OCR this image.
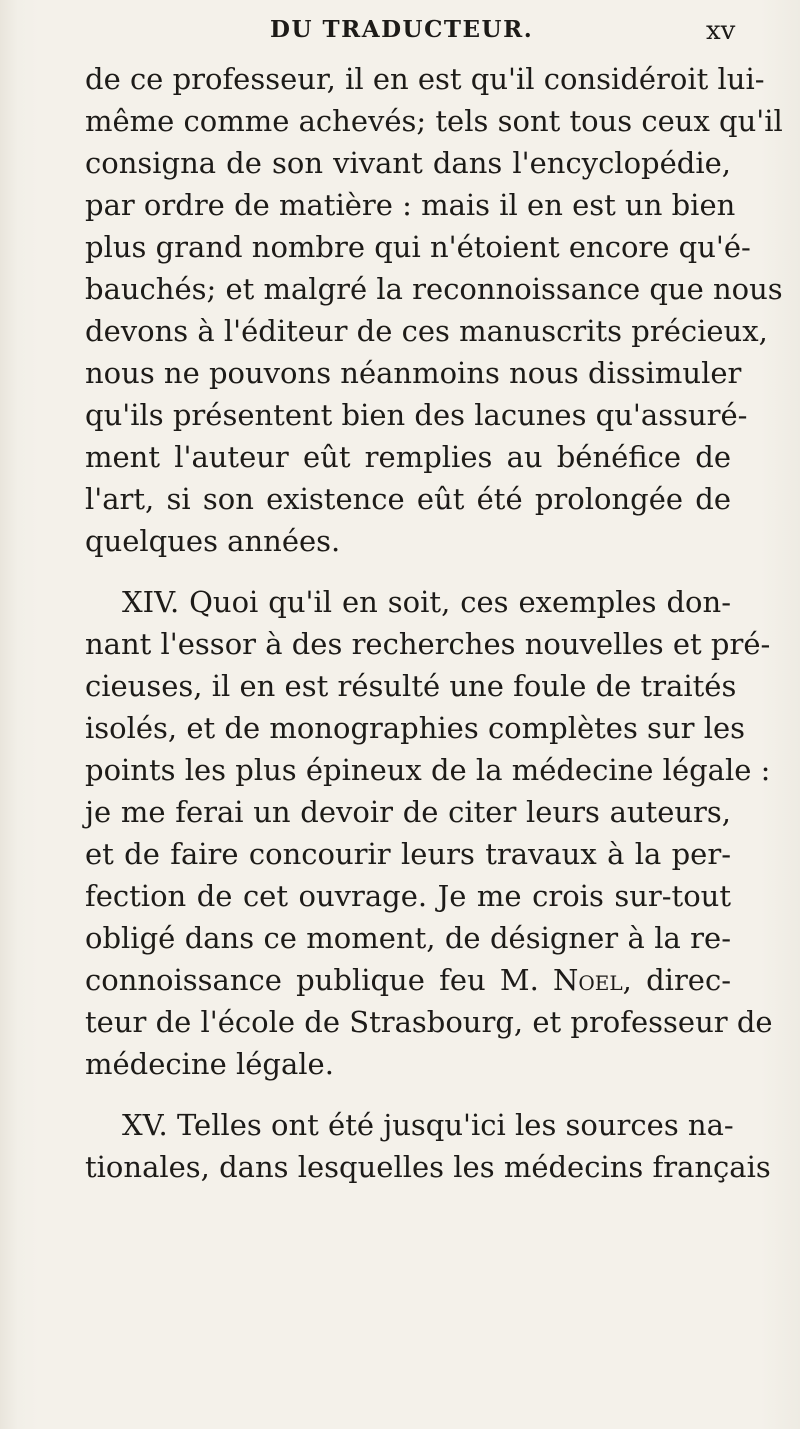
DU TRADUCTEUR.	xv
de ce professeur, il en est qu'il considéroit lui-
même comme achevés; tels sont tous ceux qu'il
consigna de son vivant dans l'encyclopédie,
par ordre de matière : mais il en est un bien
plus grand nombre qui n'étoient encore qu'é-
bauchés; et malgré la reconnoissance que nous
devons à l'éditeur de ces manuscrits précieux,
nous ne pouvons néanmoins nous dissimuler
qu'ils présentent bien des lacunes qu'assuré-
ment l'auteur eût remplies au bénéfice de
l'art, si son existence eût été prolongée de
quelques années.
XIV. Quoi qu'il en soit, ces exemples don-
nant l'essor à des recherches nouvelles et pré-
cieuses, il en est résulté une foule de traités
isolés, et de monographies complètes sur les
points les plus épineux de la médecine légale :
je me ferai un devoir de citer leurs auteurs,
et de faire concourir leurs travaux à la per-
fection de cet ouvrage. Je me crois sur-tout
obligé dans ce moment, de désigner à la re-
connoissance publique feu M. Noel, direc-
teur de l'école de Strasbourg, et professeur de
médecine légale.
XV. Telles ont été jusqu'ici les sources na-
tionales, dans lesquelles les médecins français
